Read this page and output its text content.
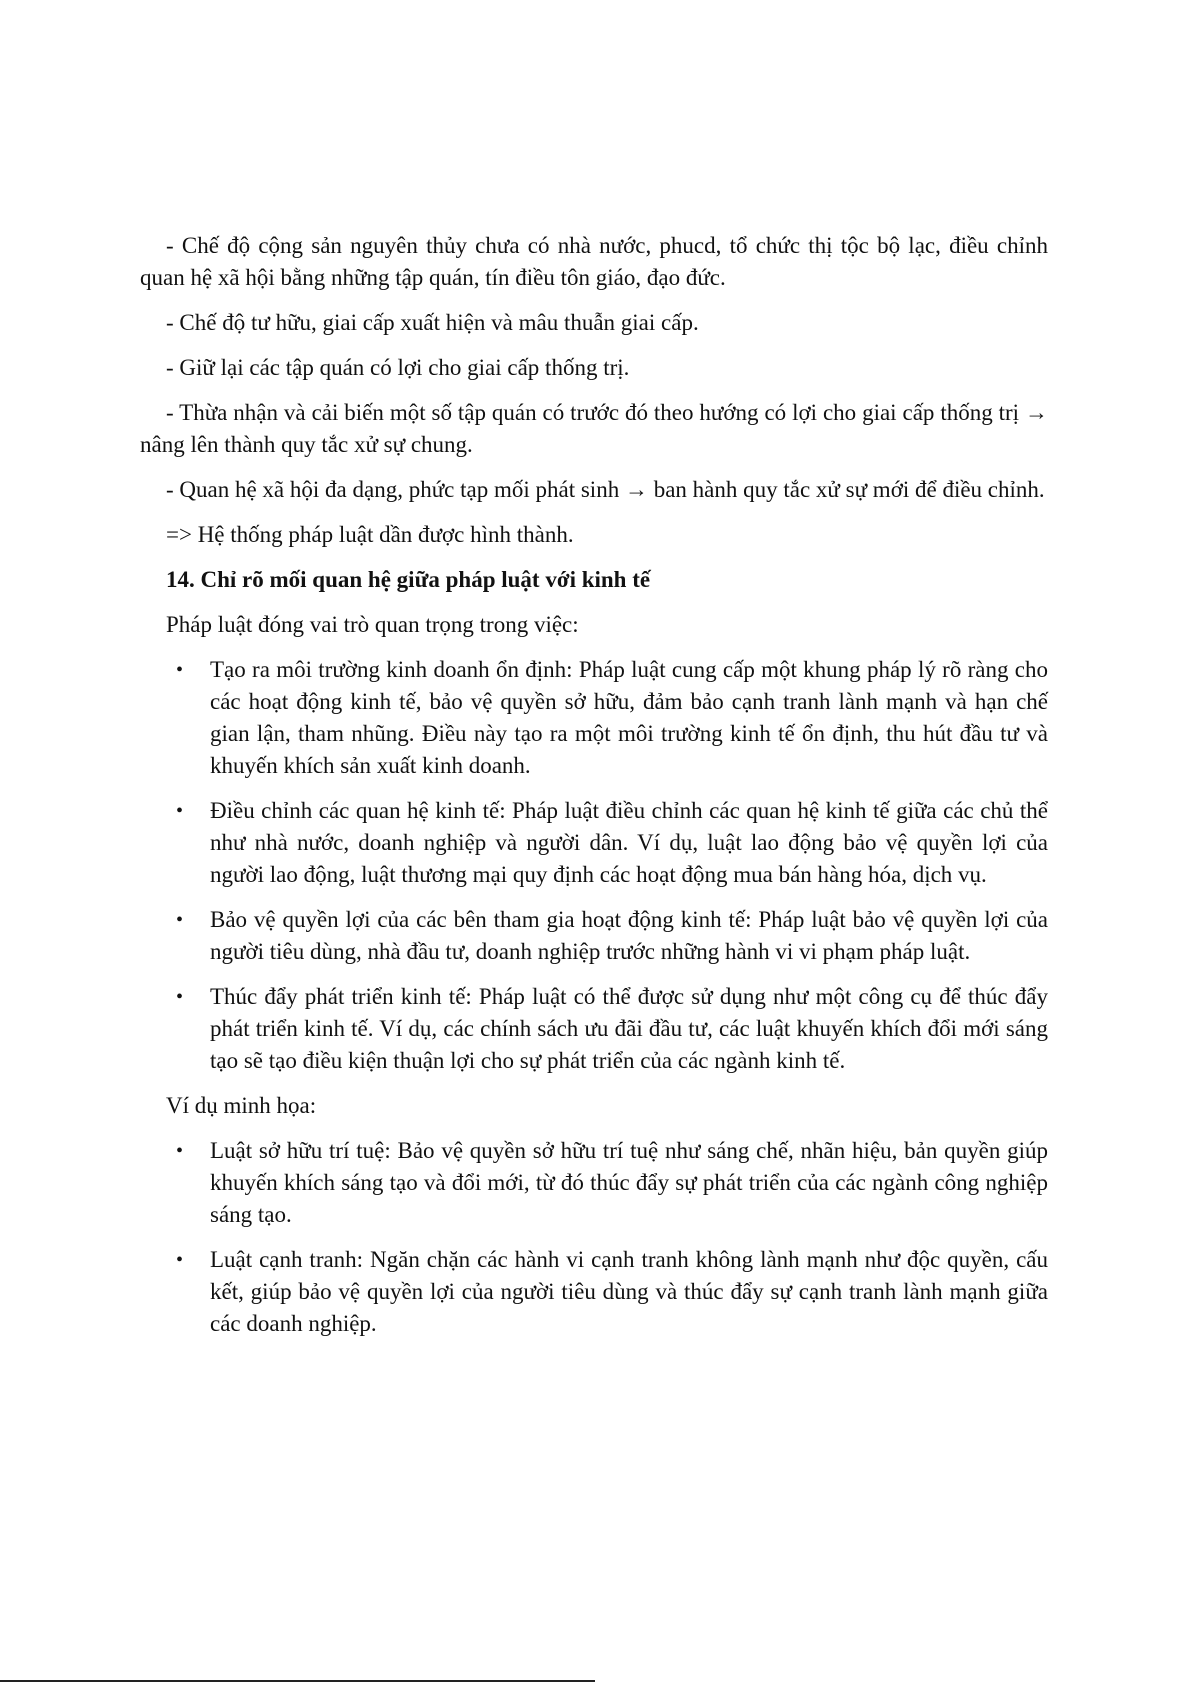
- Chế độ cộng sản nguyên thủy chưa có nhà nước, phucd, tổ chức thị tộc bộ lạc, điều chỉnh quan hệ xã hội bằng những tập quán, tín điều tôn giáo, đạo đức.

- Chế độ tư hữu, giai cấp xuất hiện và mâu thuẫn giai cấp.

- Giữ lại các tập quán có lợi cho giai cấp thống trị.

- Thừa nhận và cải biến một số tập quán có trước đó theo hướng có lợi cho giai cấp thống trị → nâng lên thành quy tắc xử sự chung.

- Quan hệ xã hội đa dạng, phức tạp mối phát sinh → ban hành quy tắc xử sự mới để điều chỉnh.

=> Hệ thống pháp luật dần được hình thành.

14. Chỉ rõ mối quan hệ giữa pháp luật với kinh tế

Pháp luật đóng vai trò quan trọng trong việc:

• Tạo ra môi trường kinh doanh ổn định: Pháp luật cung cấp một khung pháp lý rõ ràng cho các hoạt động kinh tế, bảo vệ quyền sở hữu, đảm bảo cạnh tranh lành mạnh và hạn chế gian lận, tham nhũng. Điều này tạo ra một môi trường kinh tế ổn định, thu hút đầu tư và khuyến khích sản xuất kinh doanh.
• Điều chỉnh các quan hệ kinh tế: Pháp luật điều chỉnh các quan hệ kinh tế giữa các chủ thể như nhà nước, doanh nghiệp và người dân. Ví dụ, luật lao động bảo vệ quyền lợi của người lao động, luật thương mại quy định các hoạt động mua bán hàng hóa, dịch vụ.
• Bảo vệ quyền lợi của các bên tham gia hoạt động kinh tế: Pháp luật bảo vệ quyền lợi của người tiêu dùng, nhà đầu tư, doanh nghiệp trước những hành vi vi phạm pháp luật.
• Thúc đẩy phát triển kinh tế: Pháp luật có thể được sử dụng như một công cụ để thúc đẩy phát triển kinh tế. Ví dụ, các chính sách ưu đãi đầu tư, các luật khuyến khích đổi mới sáng tạo sẽ tạo điều kiện thuận lợi cho sự phát triển của các ngành kinh tế.

Ví dụ minh họa:

• Luật sở hữu trí tuệ: Bảo vệ quyền sở hữu trí tuệ như sáng chế, nhãn hiệu, bản quyền giúp khuyến khích sáng tạo và đổi mới, từ đó thúc đẩy sự phát triển của các ngành công nghiệp sáng tạo.
• Luật cạnh tranh: Ngăn chặn các hành vi cạnh tranh không lành mạnh như độc quyền, cấu kết, giúp bảo vệ quyền lợi của người tiêu dùng và thúc đẩy sự cạnh tranh lành mạnh giữa các doanh nghiệp.
